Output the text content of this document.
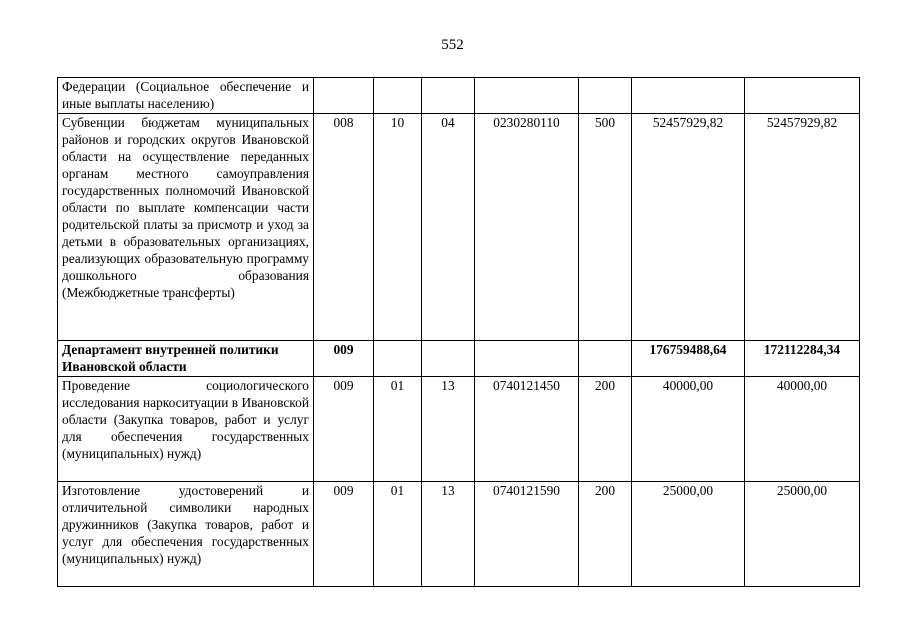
552
Федерации (Социальное обеспечение и иные выплаты населению)							
Субвенции бюджетам муниципальных районов и городских округов Ивановской области на осуществление переданных органам местного самоуправления государственных полномочий Ивановской области по выплате компенсации части родительской платы за присмотр и уход за детьми в образовательных организациях, реализующих образовательную программу дошкольного образования (Межбюджетные трансферты)	008	10	04	0230280110	500	52457929,82	52457929,82
Департамент внутренней политики Ивановской области	009					176759488,64	172112284,34
Проведение социологического исследования наркоситуации в Ивановской области (Закупка товаров, работ и услуг для обеспечения государственных (муниципальных) нужд)	009	01	13	0740121450	200	40000,00	40000,00
Изготовление удостоверений и отличительной символики народных дружинников (Закупка товаров, работ и услуг для обеспечения государственных (муниципальных) нужд)	009	01	13	0740121590	200	25000,00	25000,00
